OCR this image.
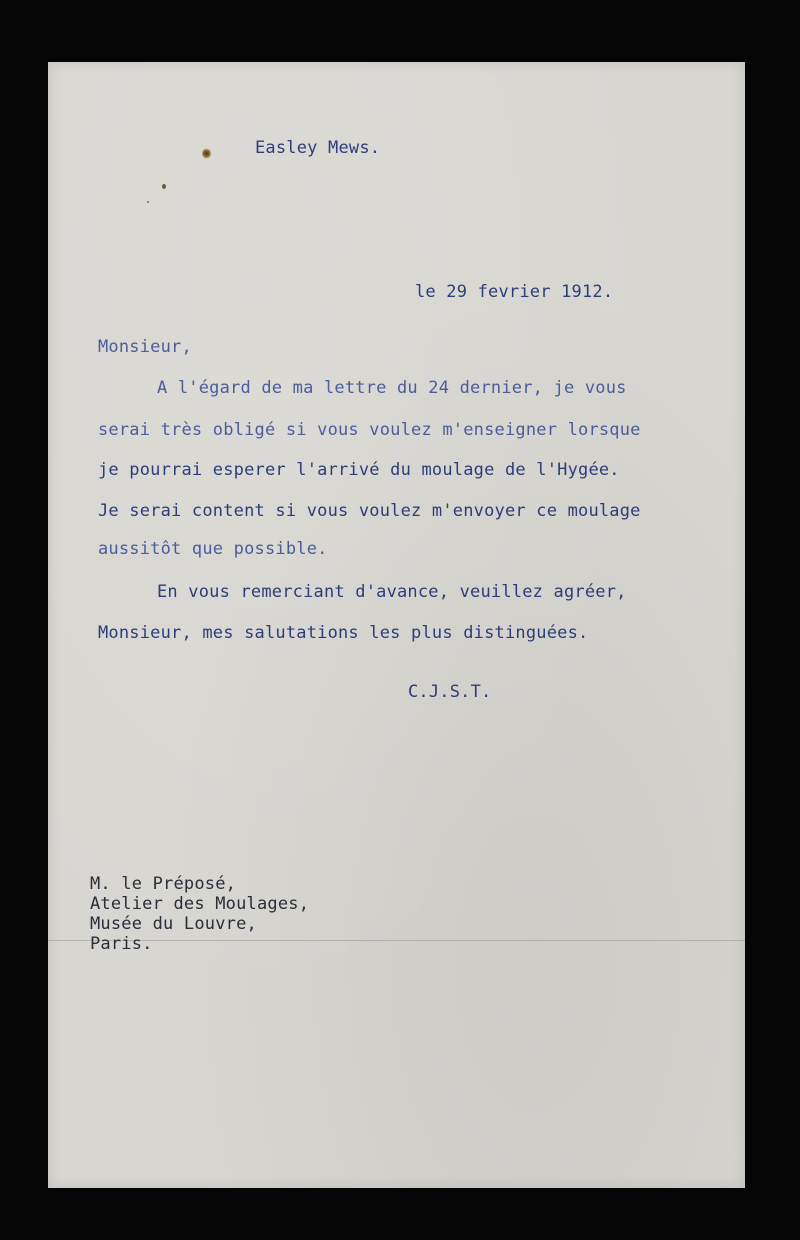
Easley Mews.

le 29 fevrier 1912.

Monsieur,

A l'égard de ma lettre du 24 dernier, je vous

serai très obligé si vous voulez m'enseigner lorsque

je pourrai esperer l'arrivé du moulage de l'Hygée.

Je serai content si vous voulez m'envoyer ce moulage

aussitôt que possible.

En vous remerciant d'avance, veuillez agréer,

Monsieur, mes salutations les plus distinguées.

C.J.S.T.

M. le Préposé,

Atelier des Moulages,

Musée du Louvre,

Paris.
